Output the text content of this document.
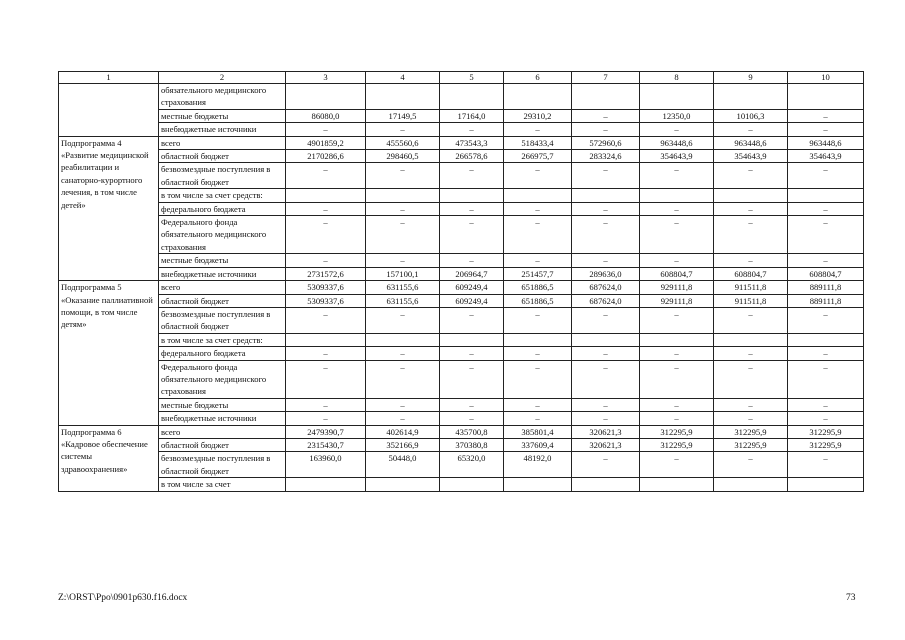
1	2	3	4	5	6	7	8	9	10
	обязательного медицинского страхования								
	местные бюджеты	86080,0	17149,5	17164,0	29310,2	–	12350,0	10106,3	–
	внебюджетные источники	–	–	–	–	–	–	–	–
Подпрограмма 4 «Развитие медицинской реабилитации и санаторно-курортного лечения, в том числе детей»	всего	4901859,2	455560,6	473543,3	518433,4	572960,6	963448,6	963448,6	963448,6
	областной бюджет	2170286,6	298460,5	266578,6	266975,7	283324,6	354643,9	354643,9	354643,9
	безвозмездные поступления в областной бюджет	–	–	–	–	–	–	–	–
	в том числе за счет средств:								
	федерального бюджета	–	–	–	–	–	–	–	–
	Федерального фонда обязательного медицинского страхования	–	–	–	–	–	–	–	–
	местные бюджеты	–	–	–	–	–	–	–	–
	внебюджетные источники	2731572,6	157100,1	206964,7	251457,7	289636,0	608804,7	608804,7	608804,7
Подпрограмма 5 «Оказание паллиативной помощи, в том числе детям»	всего	5309337,6	631155,6	609249,4	651886,5	687624,0	929111,8	911511,8	889111,8
	областной бюджет	5309337,6	631155,6	609249,4	651886,5	687624,0	929111,8	911511,8	889111,8
	безвозмездные поступления в областной бюджет	–	–	–	–	–	–	–	–
	в том числе за счет средств:								
	федерального бюджета	–	–	–	–	–	–	–	–
	Федерального фонда обязательного медицинского страхования	–	–	–	–	–	–	–	–
	местные бюджеты	–	–	–	–	–	–	–	–
	внебюджетные источники	–	–	–	–	–	–	–	–
Подпрограмма 6 «Кадровое обеспечение системы здравоохранения»	всего	2479390,7	402614,9	435700,8	385801,4	320621,3	312295,9	312295,9	312295,9
	областной бюджет	2315430,7	352166,9	370380,8	337609,4	320621,3	312295,9	312295,9	312295,9
	безвозмездные поступления в областной бюджет	163960,0	50448,0	65320,0	48192,0	–	–	–	–
	в том числе за счет								
Z:\ORST\Ppo\0901p630.f16.docx	73
